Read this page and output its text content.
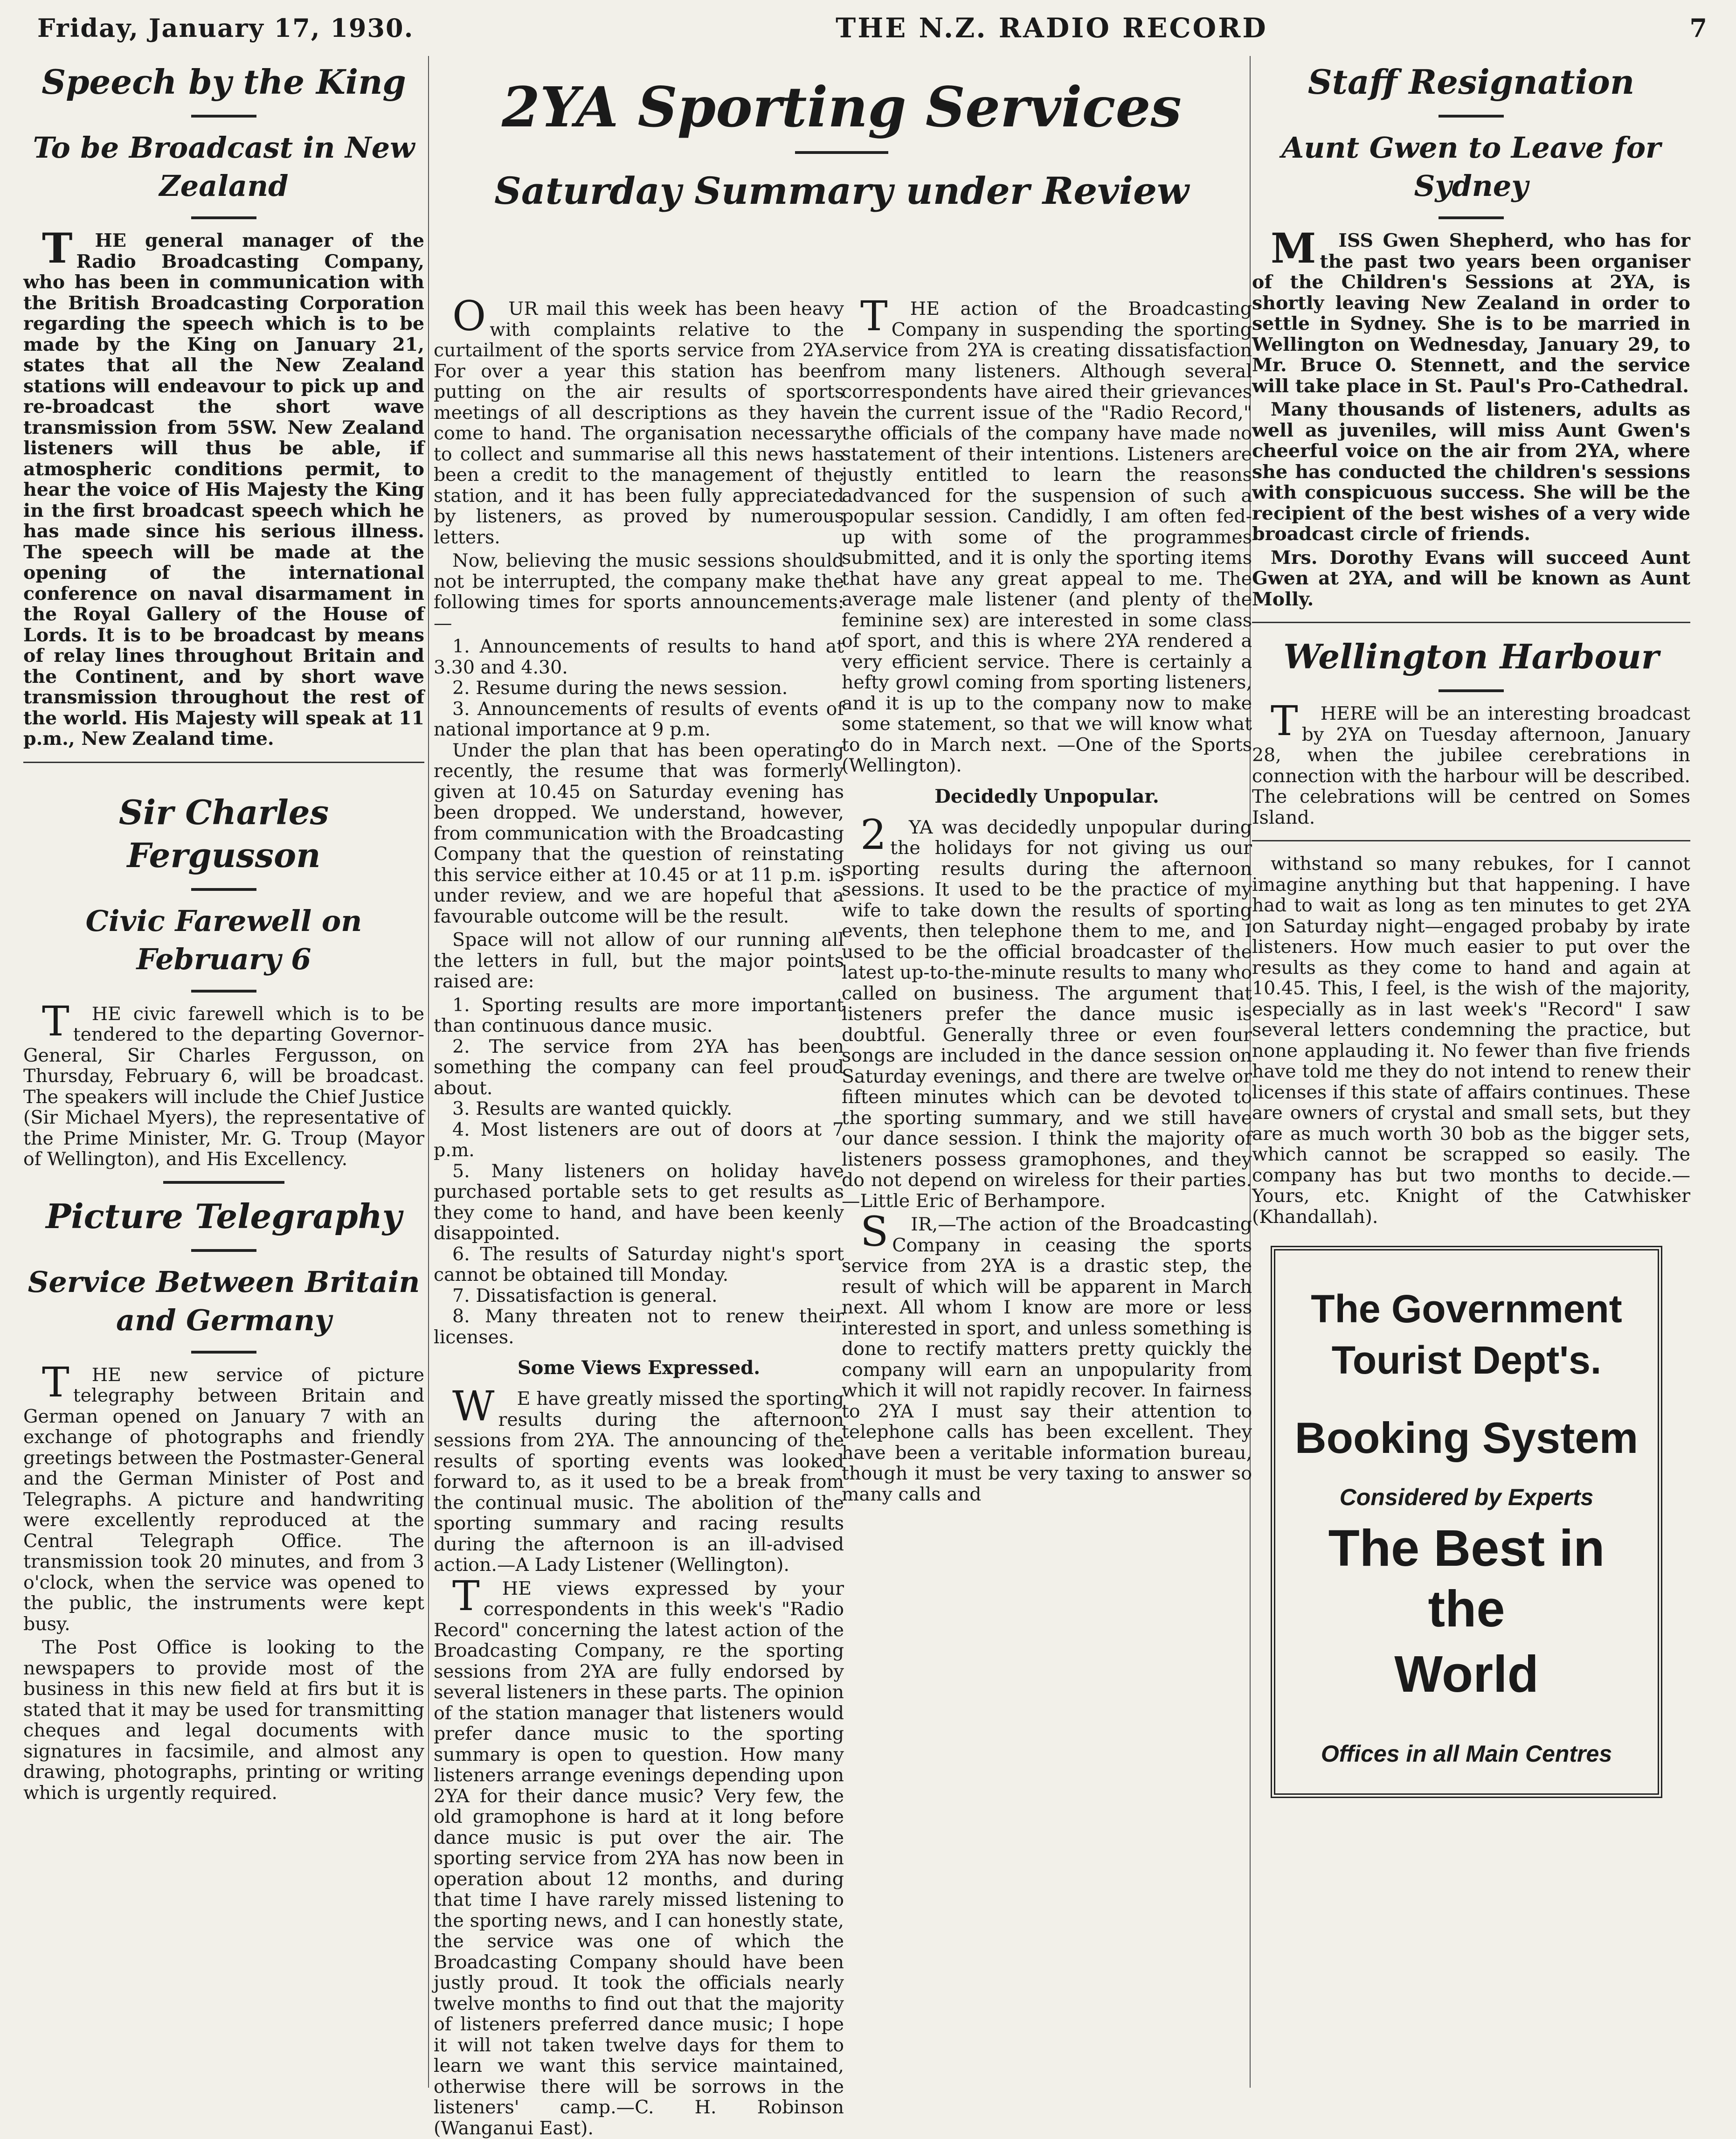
Friday, January 17, 1930.	THE N.Z. RADIO RECORD	7
Speech by the King
To be Broadcast in New Zealand

THE general manager of the Radio Broadcasting Company, who has been in communication with the British Broadcasting Corporation regarding the speech which is to be made by the King on January 21, states that all the New Zealand stations will endeavour to pick up and re-broadcast the short wave transmission from 5SW. New Zealand listeners will thus be able, if atmospheric conditions permit, to hear the voice of His Majesty the King in the first broadcast speech which he has made since his serious illness. The speech will be made at the opening of the international conference on naval disarmament in the Royal Gallery of the House of Lords. It is to be broadcast by means of relay lines throughout Britain and the Continent, and by short wave transmission throughout the rest of the world. His Majesty will speak at 11 p.m., New Zealand time.

Sir Charles Fergusson
Civic Farewell on February 6

THE civic farewell which is to be tendered to the departing Governor-General, Sir Charles Fergusson, on Thursday, February 6, will be broadcast. The speakers will include the Chief Justice (Sir Michael Myers), the representative of the Prime Minister, Mr. G. Troup (Mayor of Wellington), and His Excellency.

Picture Telegraphy
Service Between Britain and Germany

THE new service of picture telegraphy between Britain and German opened on January 7 with an exchange of photographs and friendly greetings between the Postmaster-General and the German Minister of Post and Telegraphs. A picture and handwriting were excellently reproduced at the Central Telegraph Office. The transmission took 20 minutes, and from 3 o'clock, when the service was opened to the public, the instruments were kept busy.

The Post Office is looking to the newspapers to provide most of the business in this new field at firs but it is stated that it may be used for transmitting cheques and legal documents with signatures in facsimile, and almost any drawing, photographs, printing or writing which is urgently required.

2YA Sporting Services
Saturday Summary under Review

OUR mail this week has been heavy with complaints relative to the curtailment of the sports service from 2YA. For over a year this station has been putting on the air results of sports meetings of all descriptions as they have come to hand. The organisation necessary to collect and summarise all this news has been a credit to the management of the station, and it has been fully appreciated by listeners, as proved by numerous letters.

Now, believing the music sessions should not be interrupted, the company make the following times for sports announcements:—

1. Announcements of results to hand at 3.30 and 4.30.
2. Resume during the news session.
3. Announcements of results of events of national importance at 9 p.m.

Under the plan that has been operating recently, the resume that was formerly given at 10.45 on Saturday evening has been dropped. We understand, however, from communication with the Broadcasting Company that the question of reinstating this service either at 10.45 or at 11 p.m. is under review, and we are hopeful that a favourable outcome will be the result.

Space will not allow of our running all the letters in full, but the major points raised are:

1. Sporting results are more important than continuous dance music.
2. The service from 2YA has been something the company can feel proud about.
3. Results are wanted quickly.
4. Most listeners are out of doors at 7 p.m.
5. Many listeners on holiday have purchased portable sets to get results as they come to hand, and have been keenly disappointed.
6. The results of Saturday night's sport cannot be obtained till Monday.
7. Dissatisfaction is general.
8. Many threaten not to renew their licenses.
Some Views Expressed.

WE have greatly missed the sporting results during the afternoon sessions from 2YA. The announcing of the results of sporting events was looked forward to, as it used to be a break from the continual music. The abolition of the sporting summary and racing results during the afternoon is an ill-advised action.—A Lady Listener (Wellington).

THE views expressed by your correspondents in this week's "Radio Record" concerning the latest action of the Broadcasting Company, re the sporting sessions from 2YA are fully endorsed by several listeners in these parts. The opinion of the station manager that listeners would prefer dance music to the sporting summary is open to question. How many listeners arrange evenings depending upon 2YA for their dance music? Very few, the old gramophone is hard at it long before dance music is put over the air. The sporting service from 2YA has now been in operation about 12 months, and during that time I have rarely missed listening to the sporting news, and I can honestly state, the service was one of which the Broadcasting Company should have been justly proud. It took the officials nearly twelve months to find out that the majority of listeners preferred dance music; I hope it will not taken twelve days for them to learn we want this service maintained, otherwise there will be sorrows in the listeners' camp.—C. H. Robinson (Wanganui East).

THE action of the Broadcasting Company in suspending the sporting service from 2YA is creating dissatisfaction from many listeners. Although several correspondents have aired their grievances in the current issue of the "Radio Record," the officials of the company have made no statement of their intentions. Listeners are justly entitled to learn the reasons advanced for the suspension of such a popular session. Candidly, I am often fed-up with some of the programmes submitted, and it is only the sporting items that have any great appeal to me. The average male listener (and plenty of the feminine sex) are interested in some class of sport, and this is where 2YA rendered a very efficient service. There is certainly a hefty growl coming from sporting listeners, and it is up to the company now to make some statement, so that we will know what to do in March next. —One of the Sports (Wellington).

Decidedly Unpopular.

2YA was decidedly unpopular during the holidays for not giving us our sporting results during the afternoon sessions. It used to be the practice of my wife to take down the results of sporting events, then telephone them to me, and I used to be the official broadcaster of the latest up-to-the-minute results to many who called on business. The argument that listeners prefer the dance music is doubtful. Generally three or even four songs are included in the dance session on Saturday evenings, and there are twelve or fifteen minutes which can be devoted to the sporting summary, and we still have our dance session. I think the majority of listeners possess gramophones, and they do not depend on wireless for their parties.—Little Eric of Berhampore.

SIR,—The action of the Broadcasting Company in ceasing the sports service from 2YA is a drastic step, the result of which will be apparent in March next. All whom I know are more or less interested in sport, and unless something is done to rectify matters pretty quickly the company will earn an unpopularity from which it will not rapidly recover. In fairness to 2YA I must say their attention to telephone calls has been excellent. They have been a veritable information bureau, though it must be very taxing to answer so many calls and

Staff Resignation
Aunt Gwen to Leave for Sydney

MISS Gwen Shepherd, who has for the past two years been organiser of the Children's Sessions at 2YA, is shortly leaving New Zealand in order to settle in Sydney. She is to be married in Wellington on Wednesday, January 29, to Mr. Bruce O. Stennett, and the service will take place in St. Paul's Pro-Cathedral.

Many thousands of listeners, adults as well as juveniles, will miss Aunt Gwen's cheerful voice on the air from 2YA, where she has conducted the children's sessions with conspicuous success. She will be the recipient of the best wishes of a very wide broadcast circle of friends.

Mrs. Dorothy Evans will succeed Aunt Gwen at 2YA, and will be known as Aunt Molly.

Wellington Harbour

THERE will be an interesting broadcast by 2YA on Tuesday afternoon, January 28, when the jubilee cerebrations in connection with the harbour will be described. The celebrations will be centred on Somes Island.

withstand so many rebukes, for I cannot imagine anything but that happening. I have had to wait as long as ten minutes to get 2YA on Saturday night—engaged probaby by irate listeners. How much easier to put over the results as they come to hand and again at 10.45. This, I feel, is the wish of the majority, especially as in last week's "Record" I saw several letters condemning the practice, but none applauding it. No fewer than five friends have told me they do not intend to renew their licenses if this state of affairs continues. These are owners of crystal and small sets, but they are as much worth 30 bob as the bigger sets, which cannot be scrapped so easily. The company has but two months to decide.—Yours, etc. Knight of the Catwhisker (Khandallah).

The Government
Tourist Dept's.
Booking System
Considered by Experts
The Best in the
World
Offices in all Main Centres
